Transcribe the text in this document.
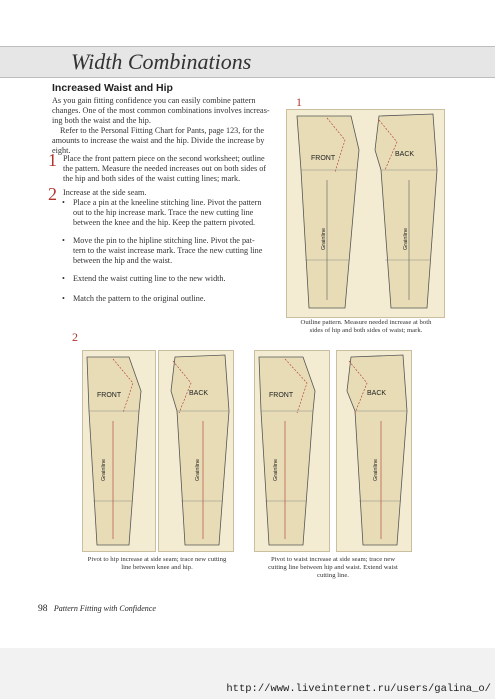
Width Combinations
Increased Waist and Hip
As you gain fitting confidence you can easily combine pattern
changes. One of the most common combinations involves increas-
ing both the waist and the hip.
Refer to the Personal Fitting Chart for Pants, page 123, for the
amounts to increase the waist and the hip. Divide the increase by
eight.
1 Place the front pattern piece on the second worksheet; outline
the pattern. Measure the needed increases out on both sides of
the hip and both sides of the waist cutting lines; mark.
2 Increase at the side seam.
• Place a pin at the kneeline stitching line. Pivot the pattern
out to the hip increase mark. Trace the new cutting line
between the knee and the hip. Keep the pattern pivoted.
• Move the pin to the hipline stitching line. Pivot the pat-
tern to the waist increase mark. Trace the new cutting line
between the hip and the waist.
• Extend the waist cutting line to the new width.
• Match the pattern to the original outline.
1
FRONT
Grainline
BACK
Grainline
Outline pattern. Measure needed increase at both
sides of hip and both sides of waist; mark.
2
FRONT
Grainline
BACK
Grainline
FRONT
Grainline
BACK
Grainline
Pivot to hip increase at side seam; trace new cutting
line between knee and hip.
Pivot to waist increase at side seam; trace new
cutting line between hip and waist. Extend waist
cutting line.
98 Pattern Fitting with Confidence
http://www.liveinternet.ru/users/galina_o/
